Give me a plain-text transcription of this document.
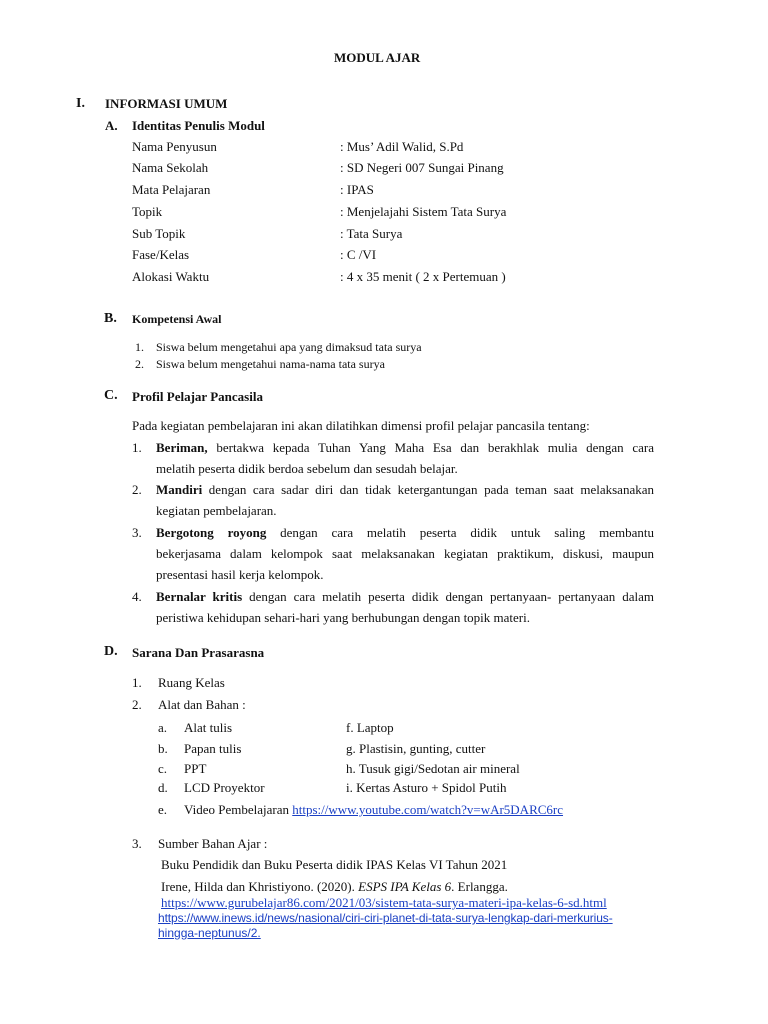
MODUL AJAR
I. INFORMASI UMUM
A. Identitas Penulis Modul
Nama Penyusun	: Mus’ Adil Walid, S.Pd
Nama Sekolah	: SD Negeri 007 Sungai Pinang
Mata Pelajaran	: IPAS
Topik	: Menjelajahi Sistem Tata Surya
Sub Topik	: Tata Surya
Fase/Kelas	: C /VI
Alokasi Waktu	: 4 x 35 menit ( 2 x Pertemuan )
B. Kompetensi Awal
1. Siswa belum mengetahui apa yang dimaksud tata surya
2. Siswa belum mengetahui nama-nama tata surya
C. Profil Pelajar Pancasila
Pada kegiatan pembelajaran ini akan dilatihkan dimensi profil pelajar pancasila tentang:
1. Beriman, bertakwa kepada Tuhan Yang Maha Esa dan berakhlak mulia dengan cara
melatih peserta didik berdoa sebelum dan sesudah belajar.
2. Mandiri dengan cara sadar diri dan tidak ketergantungan pada teman saat melaksanakan
kegiatan pembelajaran.
3. Bergotong royong dengan cara melatih peserta didik untuk saling membantu
bekerjasama dalam kelompok saat melaksanakan kegiatan praktikum, diskusi, maupun
presentasi hasil kerja kelompok.
4. Bernalar kritis dengan cara melatih peserta didik dengan pertanyaan- pertanyaan dalam
peristiwa kehidupan sehari-hari yang berhubungan dengan topik materi.
D. Sarana Dan Prasarasna
1. Ruang Kelas
2. Alat dan Bahan :
a. Alat tulis	f. Laptop
b. Papan tulis	g. Plastisin, gunting, cutter
c. PPT	h. Tusuk gigi/Sedotan air mineral
d. LCD Proyektor	i. Kertas Asturo + Spidol Putih
e. Video Pembelajaran https://www.youtube.com/watch?v=wAr5DARC6rc
3. Sumber Bahan Ajar :
Buku Pendidik dan Buku Peserta didik IPAS Kelas VI Tahun 2021
Irene, Hilda dan Khristiyono. (2020). ESPS IPA Kelas 6. Erlangga.
https://www.gurubelajar86.com/2021/03/sistem-tata-surya-materi-ipa-kelas-6-sd.html
https://www.inews.id/news/nasional/ciri-ciri-planet-di-tata-surya-lengkap-dari-merkurius-
hingga-neptunus/2.
